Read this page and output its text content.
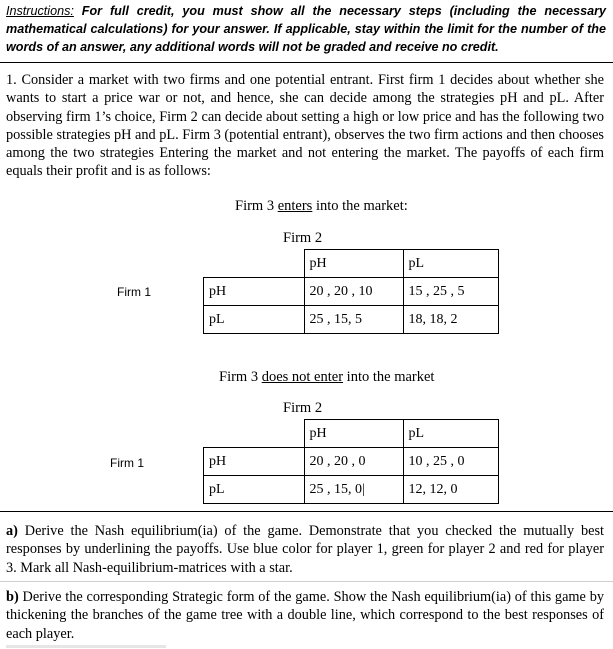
Instructions: For full credit, you must show all the necessary steps (including the necessary mathematical calculations) for your answer. If applicable, stay within the limit for the number of the words of an answer, any additional words will not be graded and receive no credit.
1. Consider a market with two firms and one potential entrant. First firm 1 decides about whether she wants to start a price war or not, and hence, she can decide among the strategies pH and pL. After observing firm 1’s choice, Firm 2 can decide about setting a high or low price and has the following two possible strategies pH and pL. Firm 3 (potential entrant), observes the two firm actions and then chooses among the two strategies Entering the market and not entering the market. The payoffs of each firm equals their profit and is as follows:
Firm 3 enters into the market:
Firm 2
Firm 1
	pH	pL
pH	20 , 20 , 10	15 , 25 , 5
pL	25 , 15, 5	18, 18, 2
Firm 3 does not enter into the market
Firm 2
Firm 1
	pH	pL
pH	20 , 20 , 0	10 , 25 , 0
pL	25 , 15, 0|	12, 12, 0
a) Derive the Nash equilibrium(ia) of the game. Demonstrate that you checked the mutually best responses by underlining the payoffs. Use blue color for player 1, green for player 2 and red for player 3. Mark all Nash-equilibrium-matrices with a star.
b) Derive the corresponding Strategic form of the game. Show the Nash equilibrium(ia) of this game by thickening the branches of the game tree with a double line, which correspond to the best responses of each player.
